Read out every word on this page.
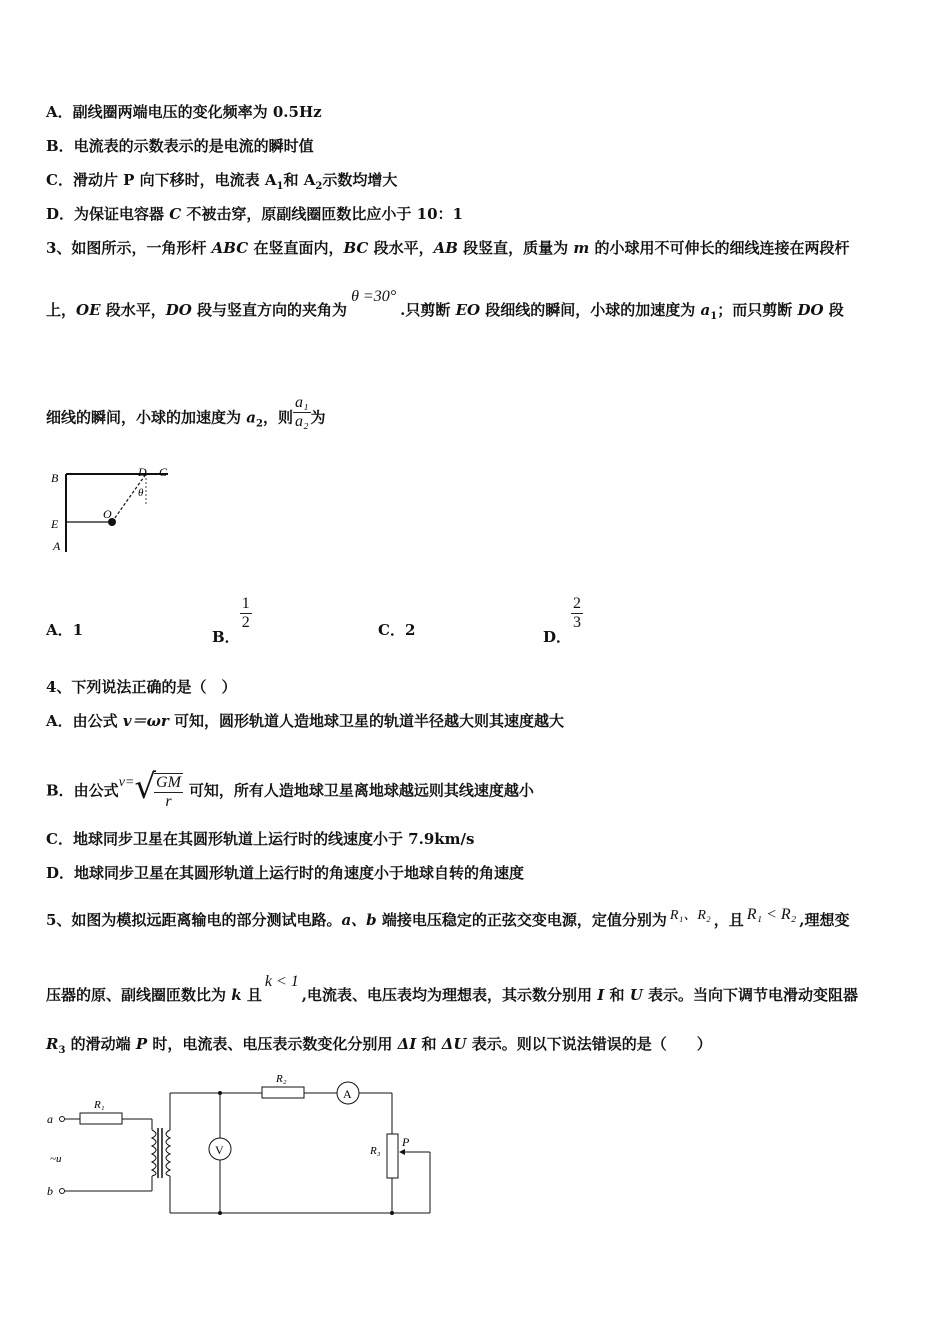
A．副线圈两端电压的变化频率为 0.5Hz
B．电流表的示数表示的是电流的瞬时值
C．滑动片 P 向下移时，电流表 $A_1$和 $A_2$示数均增大
D．为保证电容器 C 不被击穿，原副线圈匝数比应小于 10：1
3、如图所示，一角形杆 ABC 在竖直面内，BC 段水平，AB 段竖直，质量为 m 的小球用不可伸长的细线连接在两段杆
上，OE 段水平，DO 段与竖直方向的夹角为θ =30°.只剪断 EO 段细线的瞬间，小球的加速度为 $a_1$；而只剪断 DO 段
细线的瞬间，小球的加速度为 $a_2$，则 $\frac{\text{a₁}}{\text{a₂}}$ 为
B	D C
θ
O
E
A
A．1	B．
$\frac{1}{2}$	C．2	D．
$\frac{2}{3}$
4、下列说法正确的是（　）
A．由公式 v＝ωr 可知，圆形轨道人造地球卫星的轨道半径越大则其速度越大
B．由公式v=√
$\frac{GM}{r}$ 可知，所有人造地球卫星离地球越远则其线速度越小
C．地球同步卫星在其圆形轨道上运行时的线速度小于 7.9km/s
D．地球同步卫星在其圆形轨道上运行时的角速度小于地球自转的角速度
5、如图为模拟远距离输电的部分测试电路。a、b 端接电压稳定的正弦交变电源，定值分别为 R₁、R₂ ，且 R₁ < R₂ ,理想变
压器的原、副线圈匝数比为 k 且k < 1,电流表、电压表均为理想表，其示数分别用 I 和 U 表示。当向下调节电滑动变阻器
$R_3$ 的滑动端 P 时，电流表、电压表示数变化分别用 ΔI 和 ΔU 表示。则以下说法错误的是（　　）
a
b
~u
R₁
V
R₂
A
R₃
P
